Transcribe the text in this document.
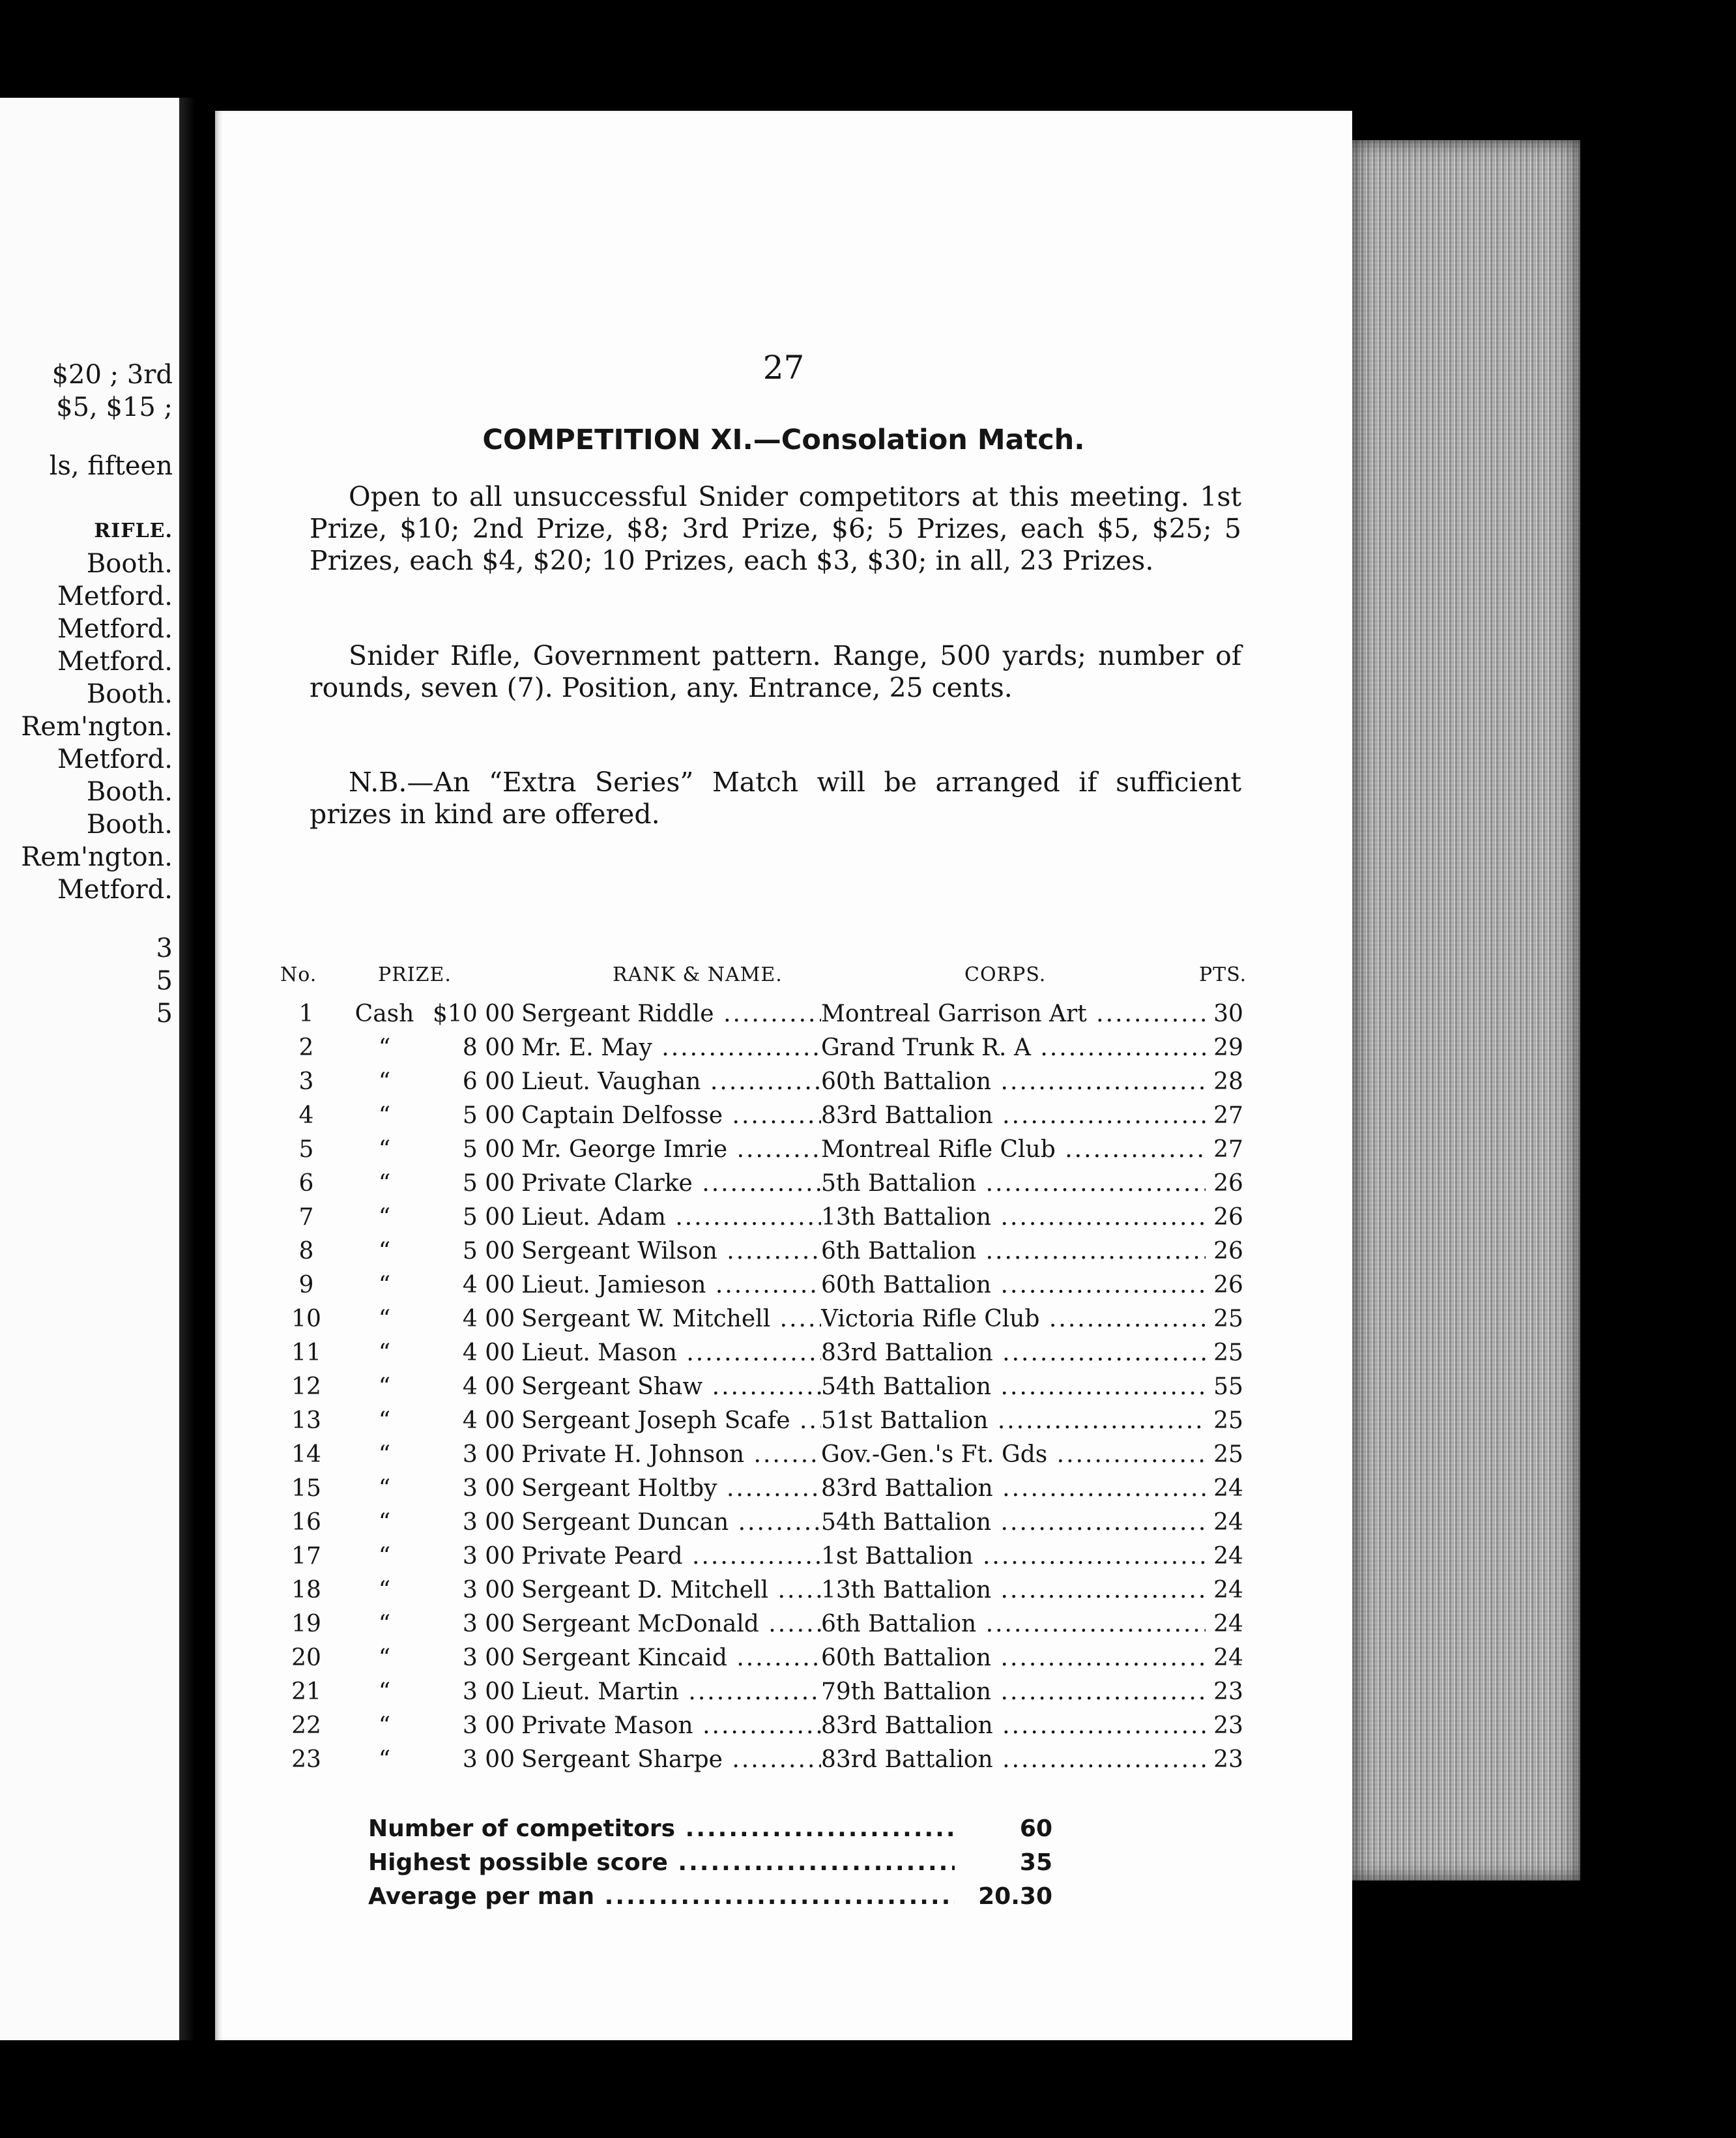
$20 ; 3rd
$5, $15 ;
ls, fifteen
RIFLE.
Booth.
Metford.
Metford.
Metford.
Booth.
Rem'ngton.
Metford.
Booth.
Booth.
Rem'ngton.
Metford.
3
5
5
27
COMPETITION XI.—Consolation Match.

Open to all unsuccessful Snider competitors at this meeting. 1st Prize, $10; 2nd Prize, $8; 3rd Prize, $6; 5 Prizes, each $5, $25; 5 Prizes, each $4, $20; 10 Prizes, each $3, $30; in all, 23 Prizes.

Snider Rifle, Government pattern. Range, 500 yards; number of rounds, seven (7). Position, any. Entrance, 25 cents.

N.B.—An “Extra Series” Match will be arranged if sufficient prizes in kind are offered.

No.	PRIZE.	RANK & NAME.	CORPS.	PTS.
1	Cash $10 00 Sergeant Riddle .....	Montreal Garrison Art .....	30
2	“	8 00 Mr. E. May .....	Grand Trunk R. A .....	29
3	“	6 00 Lieut. Vaughan .....	60th Battalion .....	28
4	“	5 00 Captain Delfosse .....	83rd Battalion .....	27
5	“	5 00 Mr. George Imrie .....	Montreal Rifle Club .....	27
6	“	5 00 Private Clarke .....	5th Battalion .....	26
7	“	5 00 Lieut. Adam .....	13th Battalion .....	26
8	“	5 00 Sergeant Wilson .....	6th Battalion .....	26
9	“	4 00 Lieut. Jamieson .....	60th Battalion .....	26
10	“	4 00 Sergeant W. Mitchell .....	Victoria Rifle Club .....	25
11	“	4 00 Lieut. Mason .....	83rd Battalion .....	25
12	“	4 00 Sergeant Shaw .....	54th Battalion .....	55
13	“	4 00 Sergeant Joseph Scafe .....	51st Battalion .....	25
14	“	3 00 Private H. Johnson .....	Gov.-Gen.'s Ft. Gds .....	25
15	“	3 00 Sergeant Holtby .....	83rd Battalion .....	24
16	“	3 00 Sergeant Duncan .....	54th Battalion .....	24
17	“	3 00 Private Peard .....	1st Battalion .....	24
18	“	3 00 Sergeant D. Mitchell .....	13th Battalion .....	24
19	“	3 00 Sergeant McDonald .....	6th Battalion .....	24
20	“	3 00 Sergeant Kincaid .....	60th Battalion .....	24
21	“	3 00 Lieut. Martin .....	79th Battalion .....	23
22	“	3 00 Private Mason .....	83rd Battalion .....	23
23	“	3 00 Sergeant Sharpe .....	83rd Battalion .....	23
Number of competitors .....	60
Highest possible score .....	35
Average per man .....	20.30
